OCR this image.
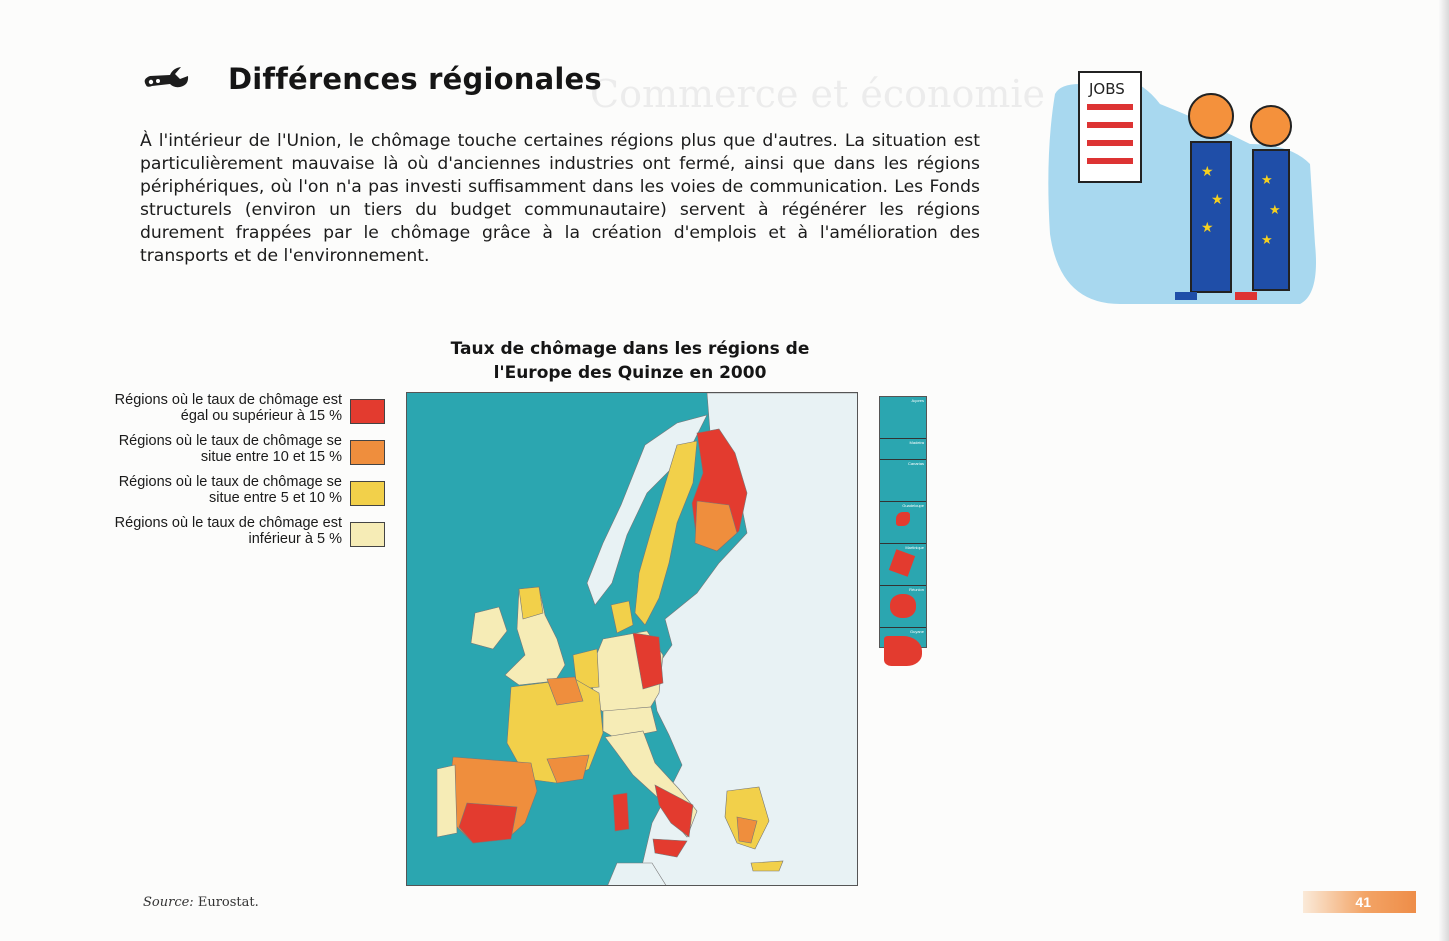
Commerce et économie
Différences régionales

À l'intérieur de l'Union, le chômage touche certaines régions plus que d'autres. La situation est particulièrement mauvaise là où d'anciennes industries ont fermé, ainsi que dans les régions périphériques, où l'on n'a pas investi suffisamment dans les voies de communication. Les Fonds structurels (environ un tiers du budget communautaire) servent à régénérer les régions durement frappées par le chômage grâce à la création d'emplois et à l'amélioration des transports et de l'environnement.

JOBS
★
★
★
★
★
★
Taux de chômage dans les régions de l'Europe des Quinze en 2000
Régions où le taux de chômage est égal ou supérieur à 15 %
Régions où le taux de chômage se situe entre 10 et 15 %
Régions où le taux de chômage se situe entre 5 et 10 %
Régions où le taux de chômage est inférieur à 5 %
Açores
Madeira
Canarias
Guadeloupe
Martinique
Réunion
Guyane
Source: Eurostat.	41
